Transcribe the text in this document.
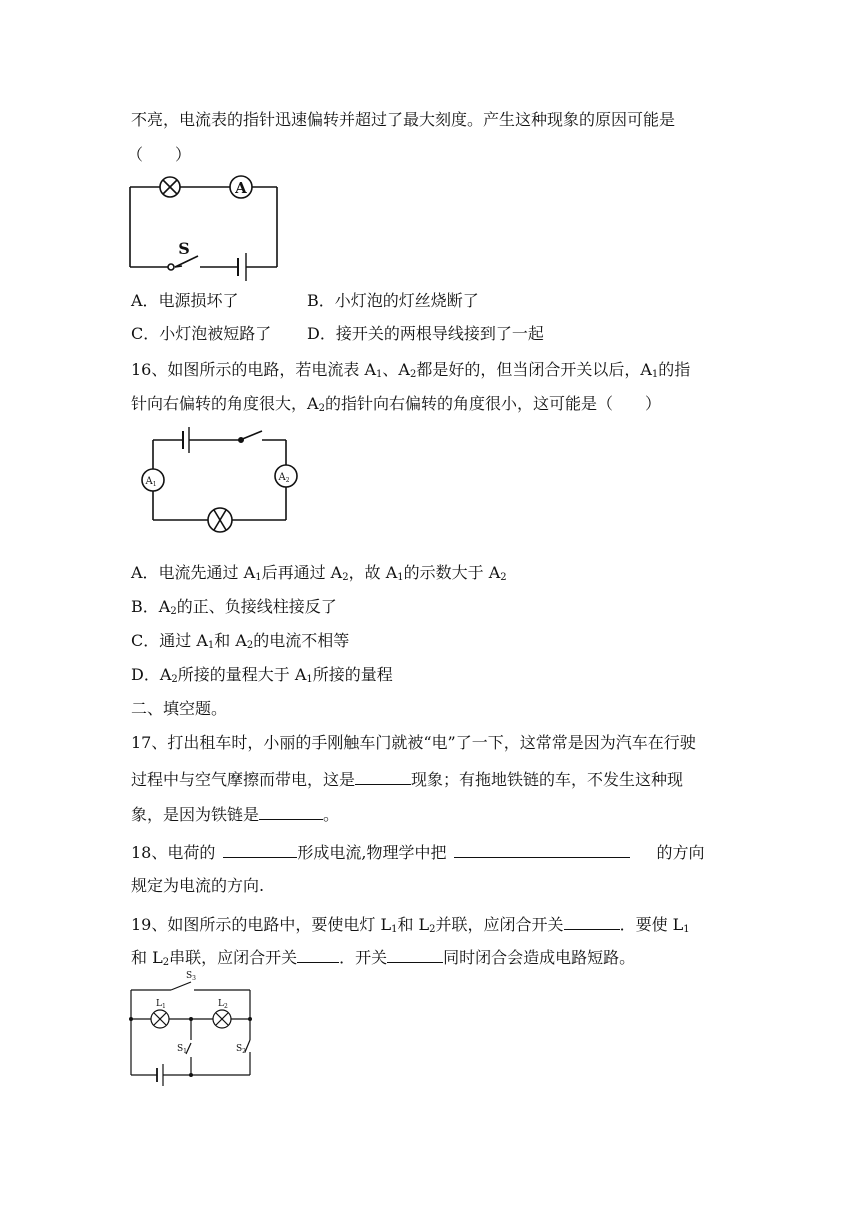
不亮，电流表的指针迅速偏转并超过了最大刻度。产生这种现象的原因可能是
（　　）
A
S
A．电源损坏了	B．小灯泡的灯丝烧断了
C．小灯泡被短路了 D．接开关的两根导线接到了一起
16、如图所示的电路，若电流表 $A_1$、$A_2$都是好的，但当闭合开关以后，$A_1$的指
针向右偏转的角度很大，$A_2$的指针向右偏转的角度很小，这可能是（　　）
$A_1$
$A_2$
A．电流先通过 $A_1$后再通过 $A_2$，故 $A_1$的示数大于 $A_2$
B．$A_2$的正、负接线柱接反了
C．通过 $A_1$和 $A_2$的电流不相等
D．$A_2$所接的量程大于 $A_1$所接的量程
二、填空题。
17、打出租车时，小丽的手刚触车门就被“电”了一下，这常常是因为汽车在行驶
过程中与空气摩擦而带电，这是	现象；有拖地铁链的车，不发生这种现
象，是因为铁链是	。
18、电荷的	形成电流,物理学中把	的方向
规定为电流的方向.
19、如图所示的电路中，要使电灯 $L_1$和 $L_2$并联，应闭合开关	．要使 $L_1$
和 $L_2$串联，应闭合开关	．开关	同时闭合会造成电路短路。
$S_3$
$L_1$	$L_2$
$S_1$	$S_2$
